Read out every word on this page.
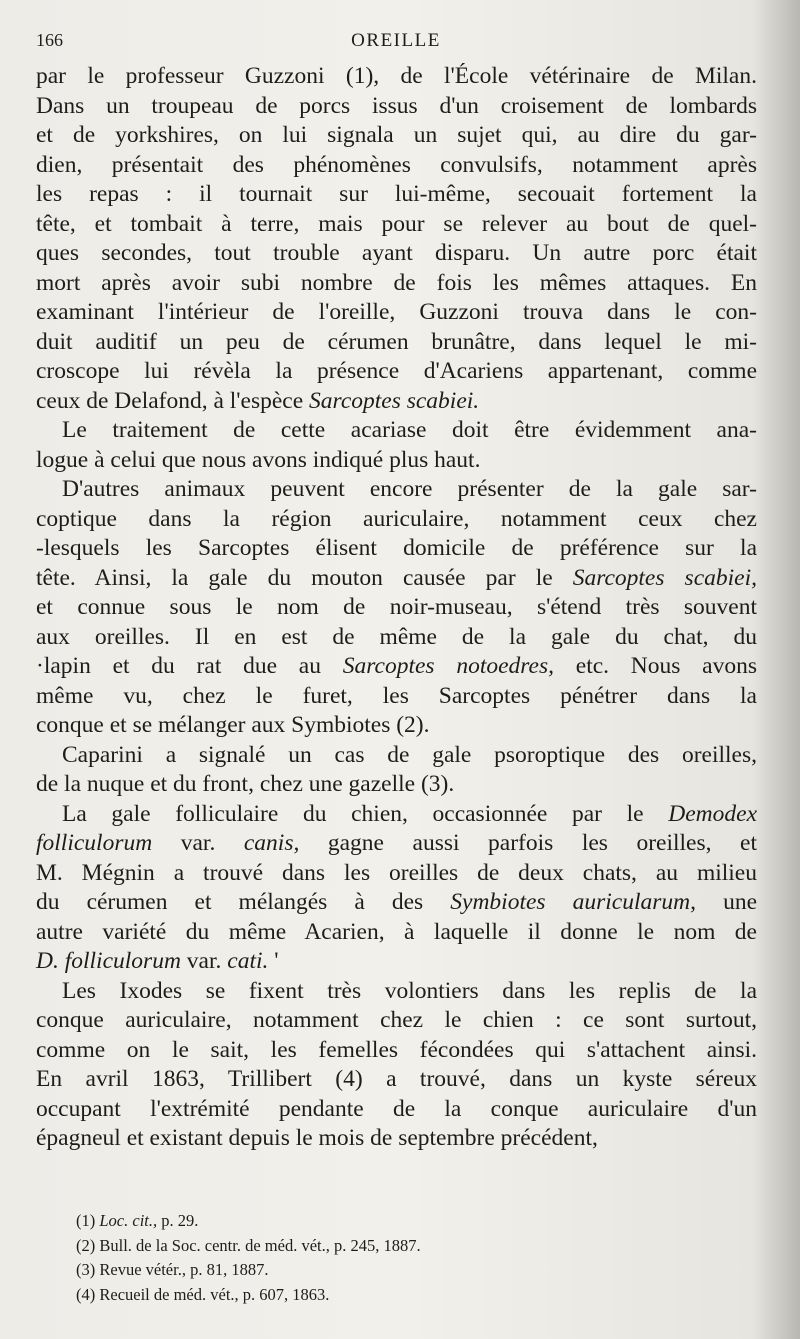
166	OREILLE
par le professeur Guzzoni (1), de l'École vétérinaire de Milan.
Dans un troupeau de porcs issus d'un croisement de lombards
et de yorkshires, on lui signala un sujet qui, au dire du gar-
dien, présentait des phénomènes convulsifs, notamment après
les repas : il tournait sur lui-même, secouait fortement la
tête, et tombait à terre, mais pour se relever au bout de quel-
ques secondes, tout trouble ayant disparu. Un autre porc était
mort après avoir subi nombre de fois les mêmes attaques. En
examinant l'intérieur de l'oreille, Guzzoni trouva dans le con-
duit auditif un peu de cérumen brunâtre, dans lequel le mi-
croscope lui révèla la présence d'Acariens appartenant, comme
ceux de Delafond, à l'espèce Sarcoptes scabiei.
Le traitement de cette acariase doit être évidemment ana-
logue à celui que nous avons indiqué plus haut.
D'autres animaux peuvent encore présenter de la gale sar-
coptique dans la région auriculaire, notamment ceux chez
-lesquels les Sarcoptes élisent domicile de préférence sur la
tête. Ainsi, la gale du mouton causée par le Sarcoptes scabiei,
et connue sous le nom de noir-museau, s'étend très souvent
aux oreilles. Il en est de même de la gale du chat, du
·lapin et du rat due au Sarcoptes notoedres, etc. Nous avons
même vu, chez le furet, les Sarcoptes pénétrer dans la
conque et se mélanger aux Symbiotes (2).
Caparini a signalé un cas de gale psoroptique des oreilles,
de la nuque et du front, chez une gazelle (3).
La gale folliculaire du chien, occasionnée par le Demodex
folliculorum var. canis, gagne aussi parfois les oreilles, et
M. Mégnin a trouvé dans les oreilles de deux chats, au milieu
du cérumen et mélangés à des Symbiotes auricularum, une
autre variété du même Acarien, à laquelle il donne le nom de
D. folliculorum var. cati. '
Les Ixodes se fixent très volontiers dans les replis de la
conque auriculaire, notamment chez le chien : ce sont surtout,
comme on le sait, les femelles fécondées qui s'attachent ainsi.
En avril 1863, Trillibert (4) a trouvé, dans un kyste séreux
occupant l'extrémité pendante de la conque auriculaire d'un
épagneul et existant depuis le mois de septembre précédent,
(1) Loc. cit., p. 29.
(2) Bull. de la Soc. centr. de méd. vét., p. 245, 1887.
(3) Revue vétér., p. 81, 1887.
(4) Recueil de méd. vét., p. 607, 1863.
